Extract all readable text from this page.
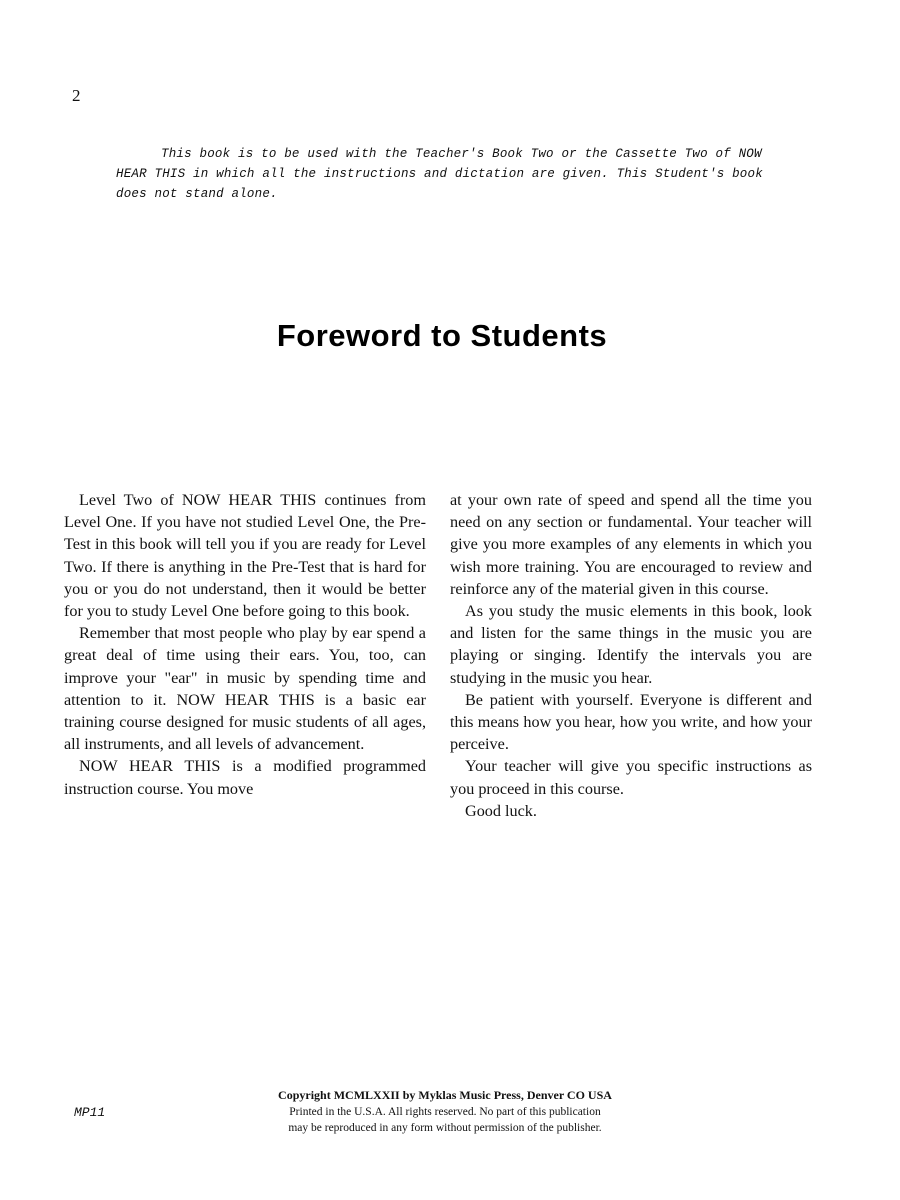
2

This book is to be used with the Teacher's Book Two or the Cassette Two of NOW HEAR THIS in which all the instructions and dictation are given. This Student's book does not stand alone.

Foreword to Students

Level Two of NOW HEAR THIS continues from Level One. If you have not studied Level One, the Pre-Test in this book will tell you if you are ready for Level Two. If there is anything in the Pre-Test that is hard for you or you do not understand, then it would be better for you to study Level One before going to this book.

Remember that most people who play by ear spend a great deal of time using their ears. You, too, can improve your "ear" in music by spending time and attention to it. NOW HEAR THIS is a basic ear training course designed for music students of all ages, all instruments, and all levels of advancement.

NOW HEAR THIS is a modified programmed instruction course. You move

at your own rate of speed and spend all the time you need on any section or fundamental. Your teacher will give you more examples of any elements in which you wish more training. You are encouraged to review and reinforce any of the material given in this course.

As you study the music elements in this book, look and listen for the same things in the music you are playing or singing. Identify the intervals you are studying in the music you hear.

Be patient with yourself. Everyone is different and this means how you hear, how you write, and how your perceive.

Your teacher will give you specific instructions as you proceed in this course.

Good luck.

MP11
Copyright MCMLXXII by Myklas Music Press, Denver CO USA
Printed in the U.S.A. All rights reserved. No part of this publication
may be reproduced in any form without permission of the publisher.
